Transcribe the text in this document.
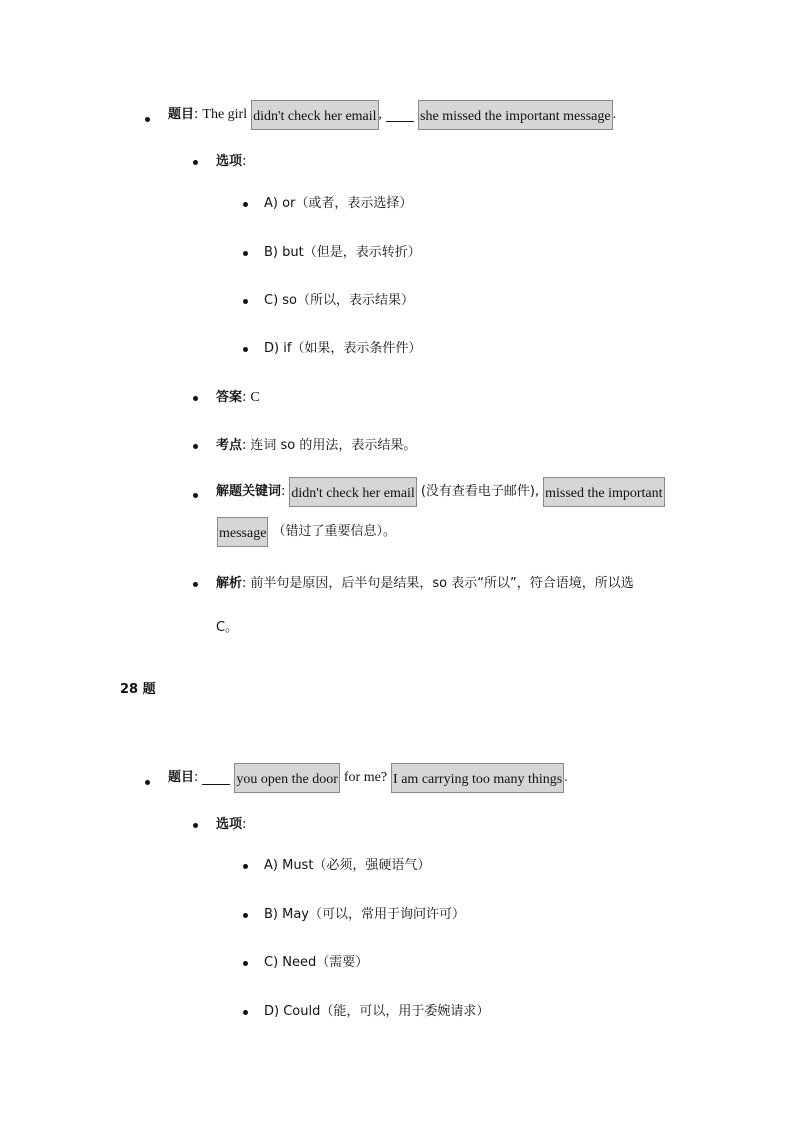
题目 : The girl didn't check her email ,	she missed the important message .
选项 :
A) or（或者，表示选择）
B) but（但是，表示转折）
C) so（所以，表示结果）
D) if（如果，表示条件件）
答案 : C
考点 : 连词 so 的用法，表示结果。
解题关键词 : didn't check her email (没有查看电子邮件), missed the important
message （错过了重要信息）。
解析 : 前半句是原因，后半句是结果，so 表示“所以”，符合语境，所以选
C。
28 题
题目 :	you open the door for me? I am carrying too many things .
选项 :
A) Must（必须，强硬语气）
B) May（可以，常用于询问许可）
C) Need（需要）
D) Could（能，可以，用于委婉请求）
